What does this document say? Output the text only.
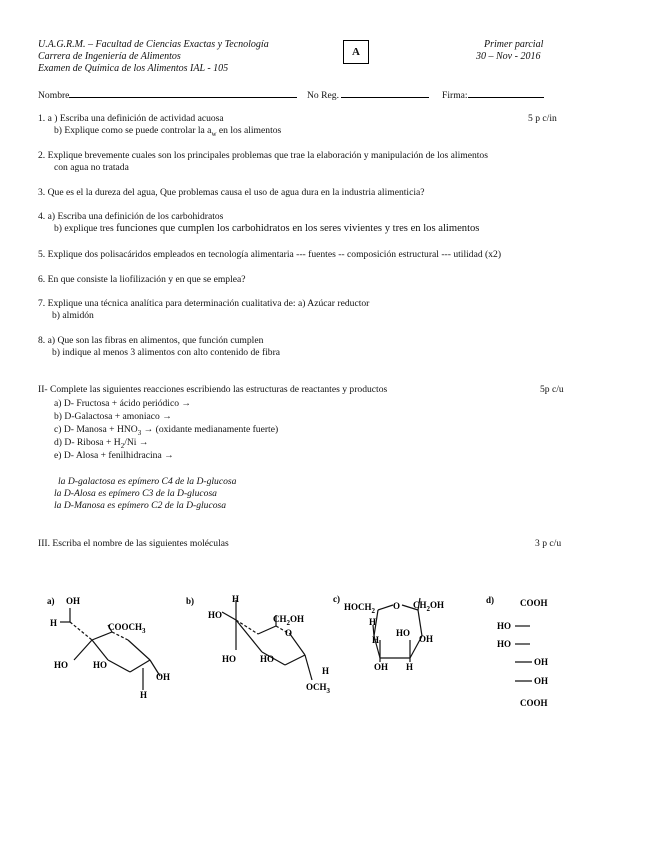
U.A.G.R.M. – Facultad de Ciencias Exactas y Tecnología
Carrera de Ingeniería de Alimentos
Examen de Química de los Alimentos IAL - 105
A
Primer parcial
30 – Nov - 2016
Nombre	No Reg.	Firma:
1. a ) Escriba una definición de actividad acuosa	5 p c/in
b) Explique como se puede controlar la $a_w$ en los alimentos
2. Explique brevemente cuales son los principales problemas que trae la elaboración y manipulación de los alimentos
con agua no tratada
3. Que es el la dureza del agua, Que problemas causa el uso de agua dura en la industria alimenticia?
4. a) Escriba una definición de los carbohidratos
b) explique tres funciones que cumplen los carbohidratos en los seres vivientes y tres en los alimentos
5. Explique dos polisacáridos empleados en tecnología alimentaria --- fuentes -- composición estructural --- utilidad (x2)
6. En que consiste la liofilización y en que se emplea?
7. Explique una técnica analítica para determinación cualitativa de: a) Azúcar reductor
b) almidón
8. a) Que son las fibras en alimentos, que función cumplen
b) indique al menos 3 alimentos con alto contenido de fibra
II- Complete las siguientes reacciones escribiendo las estructuras de reactantes y productos	5p c/u
a) D- Fructosa + ácido periódico →
b) D-Galactosa + amoniaco →
c) D- Manosa + $HNO_3$ → (oxidante medianamente fuerte)
d) D- Ribosa + $H_2/Ni$ →
e) D- Alosa + fenilhidracina →
la D-galactosa es epímero C4 de la D-glucosa
la D-Alosa es epímero C3 de la D-glucosa
la D-Manosa es epímero C2 de la D-glucosa
III. Escriba el nombre de las siguientes moléculas	3 p c/u
a) OH
H	$COOCH_3$
HO	HO
OH
H
b)	H
HO	$CH_2OH$
O
HO	HO
H
$OCH_3$
c)
$HOCH_2$ O $CH_2OH$
H
H
HO
OH
OH H
d)	COOH
HO
HO
OH
OH
COOH
